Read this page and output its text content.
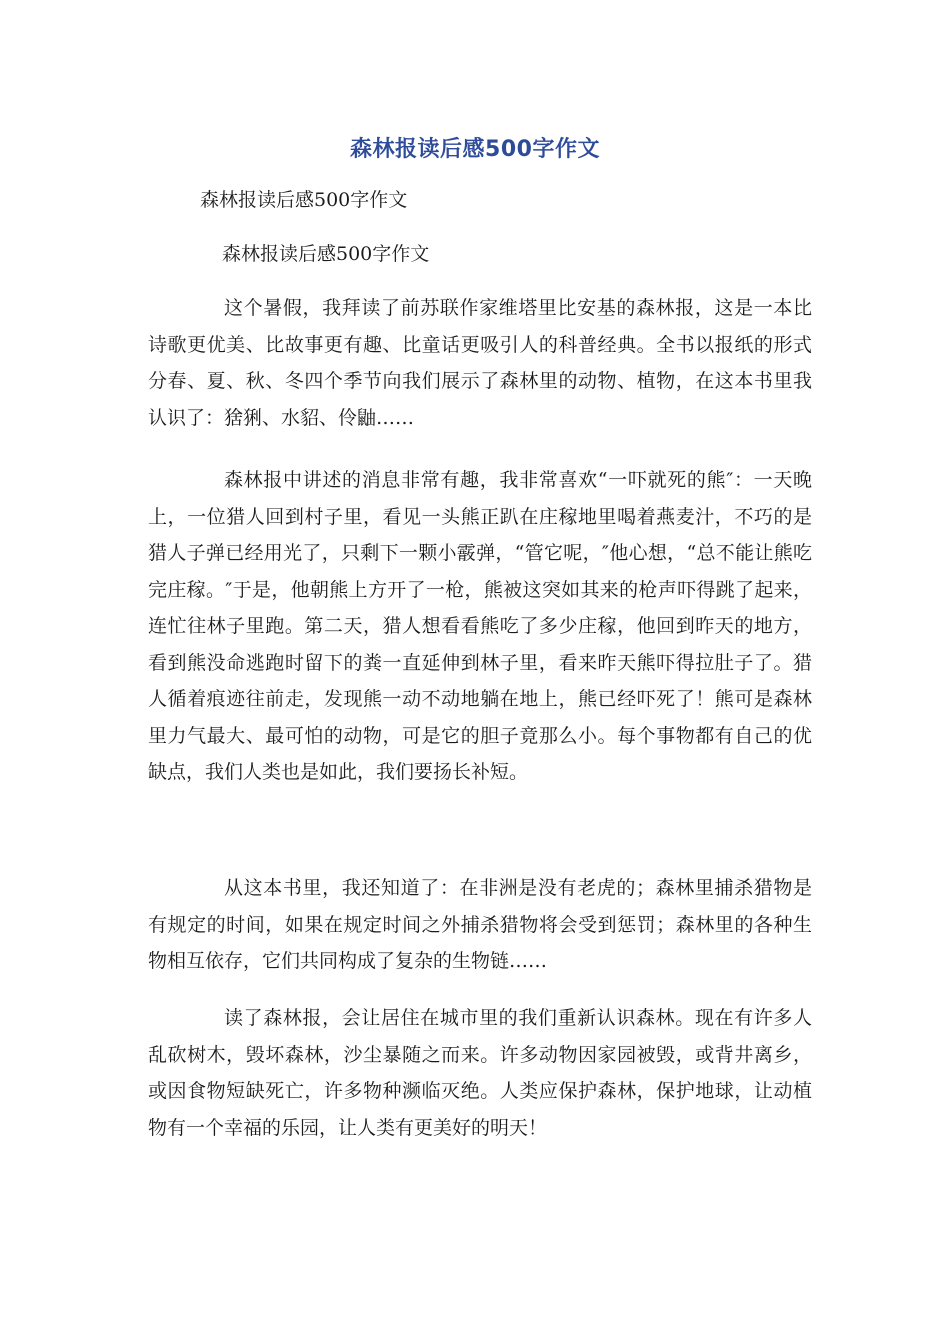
森林报读后感500字作文
森林报读后感500字作文
森林报读后感500字作文

这个暑假，我拜读了前苏联作家维塔里比安基的森林报，这是一本比诗歌更优美、比故事更有趣、比童话更吸引人的科普经典。全书以报纸的形式分春、夏、秋、冬四个季节向我们展示了森林里的动物、植物，在这本书里我认识了：猞猁、水貂、伶鼬……

森林报中讲述的消息非常有趣，我非常喜欢“一吓就死的熊″：一天晚上，一位猎人回到村子里，看见一头熊正趴在庄稼地里喝着燕麦汁，不巧的是猎人子弹已经用光了，只剩下一颗小霰弹，“管它呢，″他心想，“总不能让熊吃完庄稼。″于是，他朝熊上方开了一枪，熊被这突如其来的枪声吓得跳了起来，连忙往林子里跑。第二天，猎人想看看熊吃了多少庄稼，他回到昨天的地方，看到熊没命逃跑时留下的粪一直延伸到林子里，看来昨天熊吓得拉肚子了。猎人循着痕迹往前走，发现熊一动不动地躺在地上，熊已经吓死了！熊可是森林里力气最大、最可怕的动物，可是它的胆子竟那么小。每个事物都有自己的优缺点，我们人类也是如此，我们要扬长补短。

从这本书里，我还知道了：在非洲是没有老虎的；森林里捕杀猎物是有规定的时间，如果在规定时间之外捕杀猎物将会受到惩罚；森林里的各种生物相互依存，它们共同构成了复杂的生物链……

读了森林报，会让居住在城市里的我们重新认识森林。现在有许多人乱砍树木，毁坏森林，沙尘暴随之而来。许多动物因家园被毁，或背井离乡，或因食物短缺死亡，许多物种濒临灭绝。人类应保护森林，保护地球，让动植物有一个幸福的乐园，让人类有更美好的明天！
